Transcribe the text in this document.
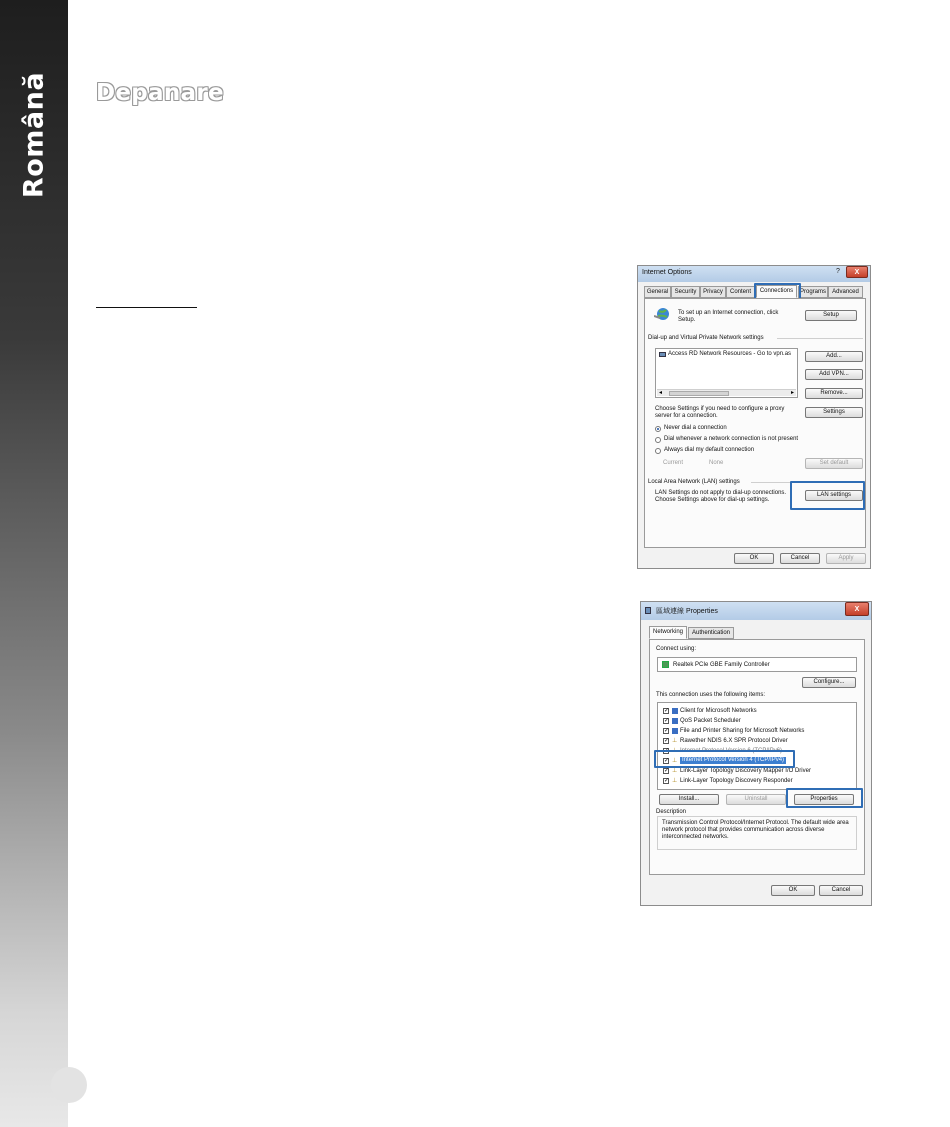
Română Depanare
Internet Options	?	X
General	Security	Privacy	Content	Connections	Programs	Advanced
To set up an Internet connection, click Setup.
Setup
Dial-up and Virtual Private Network settings
Access RD Network Resources - Go to vpn.as
◂	▸
Add...
Add VPN...
Remove...
Choose Settings if you need to configure a proxy server for a connection.
Settings
Never dial a connection
Dial whenever a network connection is not present
Always dial my default connection
Current	None	Set default
Local Area Network (LAN) settings
LAN Settings do not apply to dial-up connections. Choose Settings above for dial-up settings.
LAN settings
OK	Cancel	Apply
區域連線 Properties	X
Networking	Authentication
Connect using:
Realtek PCIe GBE Family Controller
Configure...
This connection uses the following items:
✓ Client for Microsoft Networks
✓ QoS Packet Scheduler
✓ File and Printer Sharing for Microsoft Networks
✓ ⊥ Rawether NDIS 6.X SPR Protocol Driver
✓ ⊥ Internet Protocol Version 6 (TCP/IPv6)
✓ ⊥ Internet Protocol Version 4 (TCP/IPv4)
✓ ⊥ Link-Layer Topology Discovery Mapper I/O Driver
✓ ⊥ Link-Layer Topology Discovery Responder
Install...	Uninstall	Properties
Description
Transmission Control Protocol/Internet Protocol. The default wide area network protocol that provides communication across diverse interconnected networks.
OK	Cancel
